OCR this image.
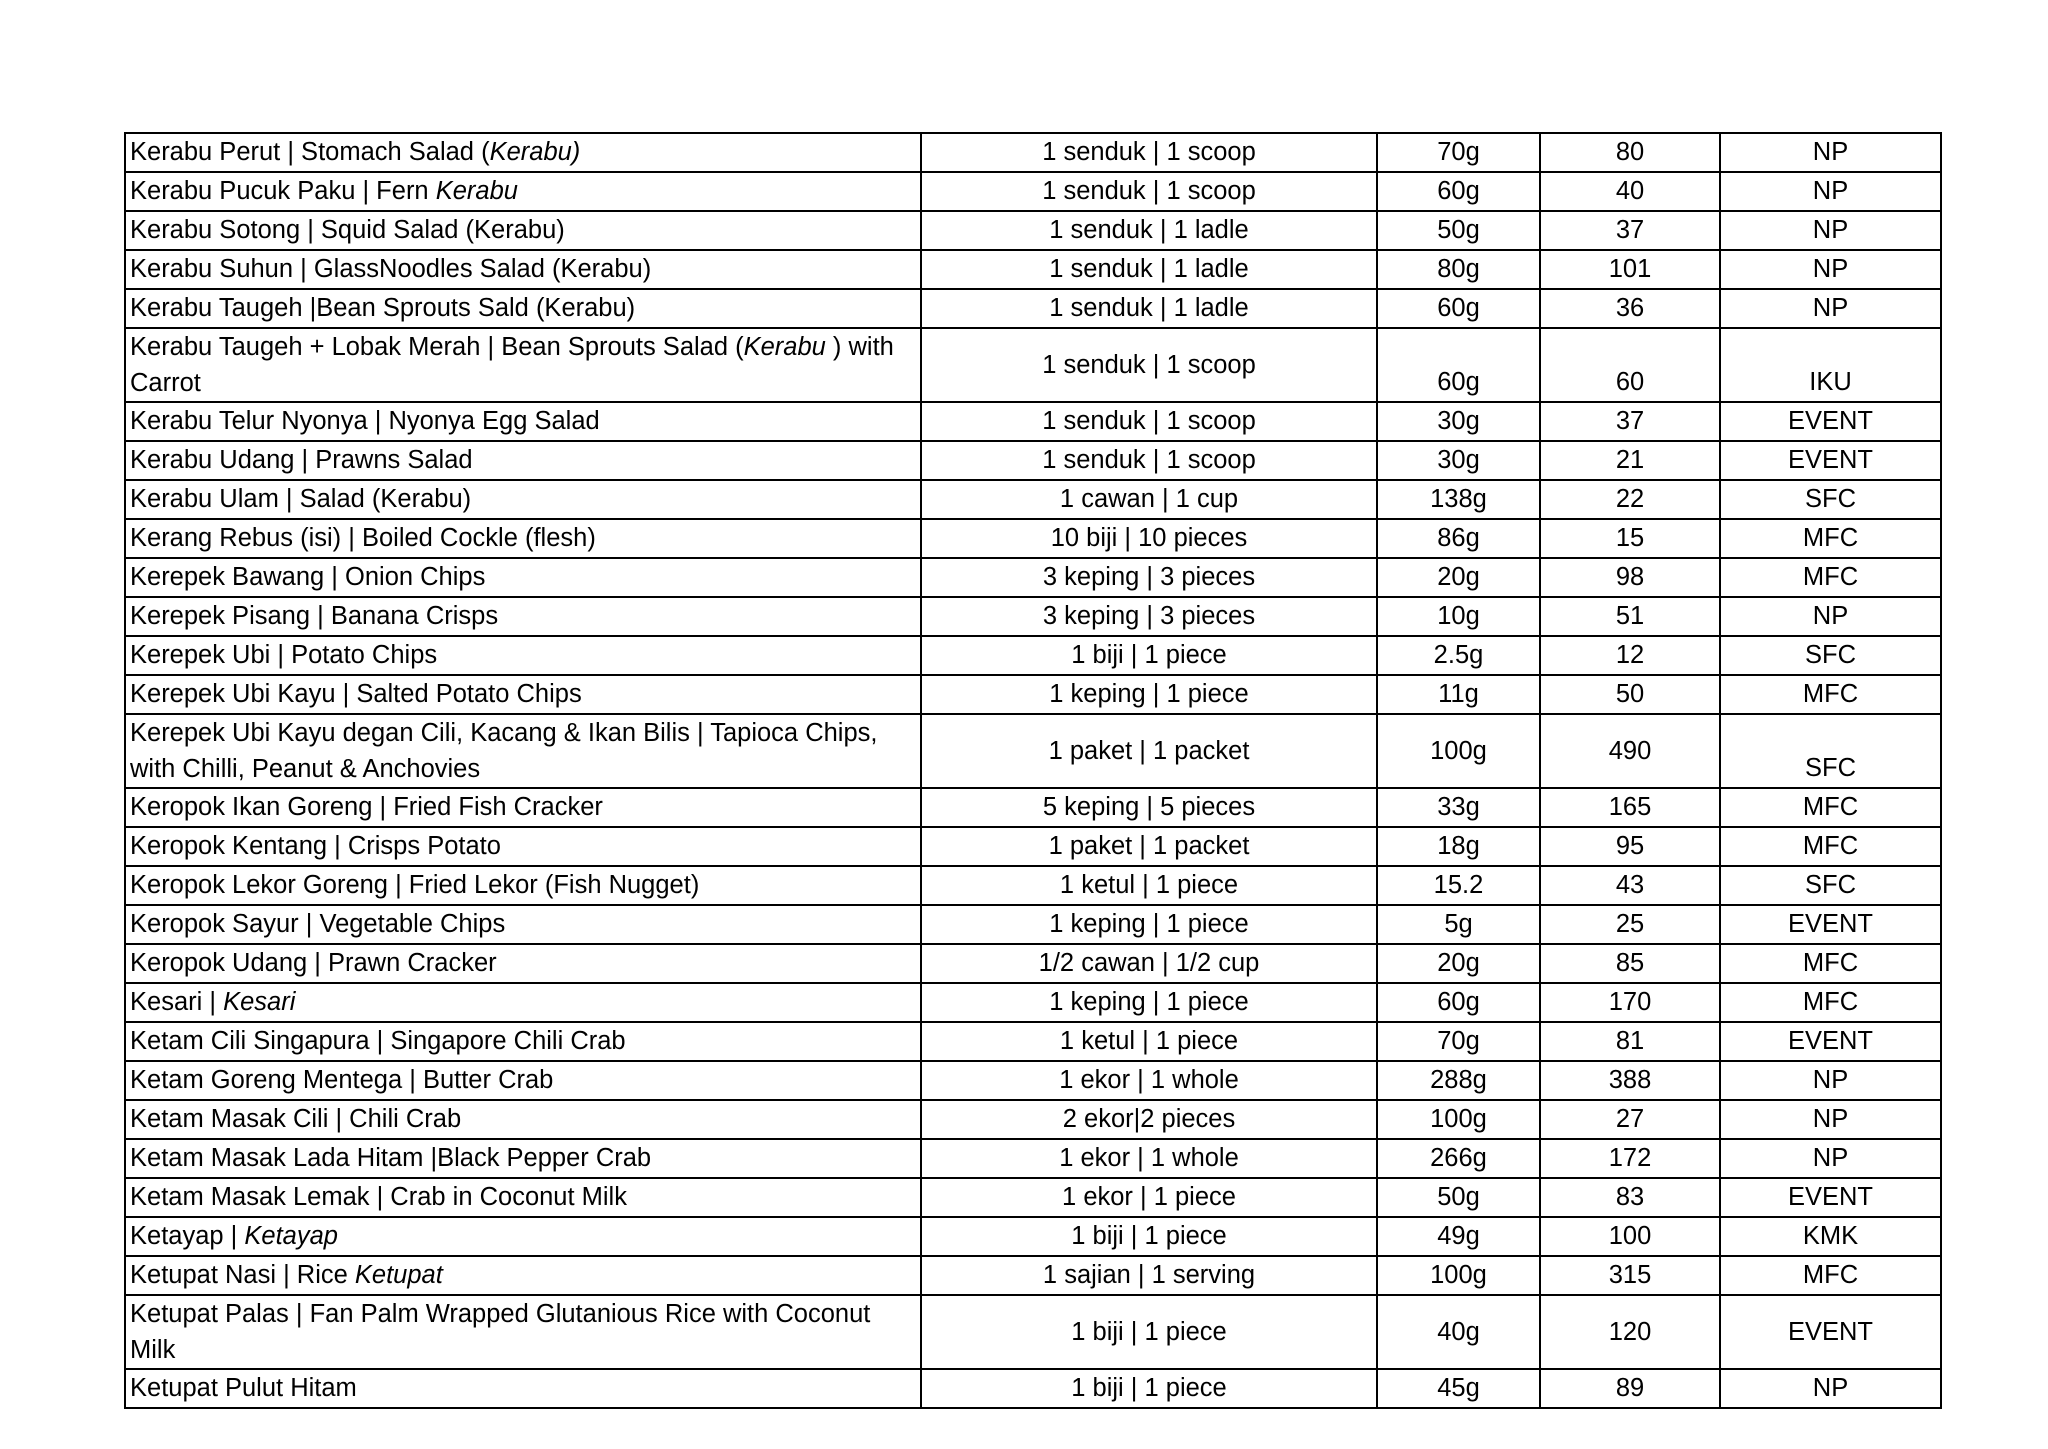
Kerabu Perut | Stomach Salad (Kerabu)	1 senduk | 1 scoop	70g	80	NP
Kerabu Pucuk Paku | Fern Kerabu	1 senduk | 1 scoop	60g	40	NP
Kerabu Sotong | Squid Salad (Kerabu)	1 senduk | 1 ladle	50g	37	NP
Kerabu Suhun | GlassNoodles Salad (Kerabu)	1 senduk | 1 ladle	80g	101	NP
Kerabu Taugeh |Bean Sprouts Sald (Kerabu)	1 senduk | 1 ladle	60g	36	NP
Kerabu Taugeh + Lobak Merah | Bean Sprouts Salad (Kerabu ) with Carrot	1 senduk | 1 scoop	60g	60	IKU
Kerabu Telur Nyonya | Nyonya Egg Salad	1 senduk | 1 scoop	30g	37	EVENT
Kerabu Udang | Prawns Salad	1 senduk | 1 scoop	30g	21	EVENT
Kerabu Ulam | Salad (Kerabu)	1 cawan | 1 cup	138g	22	SFC
Kerang Rebus (isi) | Boiled Cockle (flesh)	10 biji | 10 pieces	86g	15	MFC
Kerepek Bawang | Onion Chips	3 keping | 3 pieces	20g	98	MFC
Kerepek Pisang | Banana Crisps	3 keping | 3 pieces	10g	51	NP
Kerepek Ubi | Potato Chips	1 biji | 1 piece	2.5g	12	SFC
Kerepek Ubi Kayu | Salted Potato Chips	1 keping | 1 piece	11g	50	MFC
Kerepek Ubi Kayu degan Cili, Kacang & Ikan Bilis | Tapioca Chips, with Chilli, Peanut & Anchovies	1 paket | 1 packet	100g	490	SFC
Keropok Ikan Goreng | Fried Fish Cracker	5 keping | 5 pieces	33g	165	MFC
Keropok Kentang | Crisps Potato	1 paket | 1 packet	18g	95	MFC
Keropok Lekor Goreng | Fried Lekor (Fish Nugget)	1 ketul | 1 piece	15.2	43	SFC
Keropok Sayur | Vegetable Chips	1 keping | 1 piece	5g	25	EVENT
Keropok Udang | Prawn Cracker	1/2 cawan | 1/2 cup	20g	85	MFC
Kesari | Kesari	1 keping | 1 piece	60g	170	MFC
Ketam Cili Singapura | Singapore Chili Crab	1 ketul | 1 piece	70g	81	EVENT
Ketam Goreng Mentega | Butter Crab	1 ekor | 1 whole	288g	388	NP
Ketam Masak Cili | Chili Crab	2 ekor|2 pieces	100g	27	NP
Ketam Masak Lada Hitam |Black Pepper Crab	1 ekor | 1 whole	266g	172	NP
Ketam Masak Lemak | Crab in Coconut Milk	1 ekor | 1 piece	50g	83	EVENT
Ketayap | Ketayap	1 biji | 1 piece	49g	100	KMK
Ketupat Nasi | Rice Ketupat	1 sajian | 1 serving	100g	315	MFC
Ketupat Palas | Fan Palm Wrapped Glutanious Rice with Coconut Milk	1 biji | 1 piece	40g	120	EVENT
Ketupat Pulut Hitam	1 biji | 1 piece	45g	89	NP
